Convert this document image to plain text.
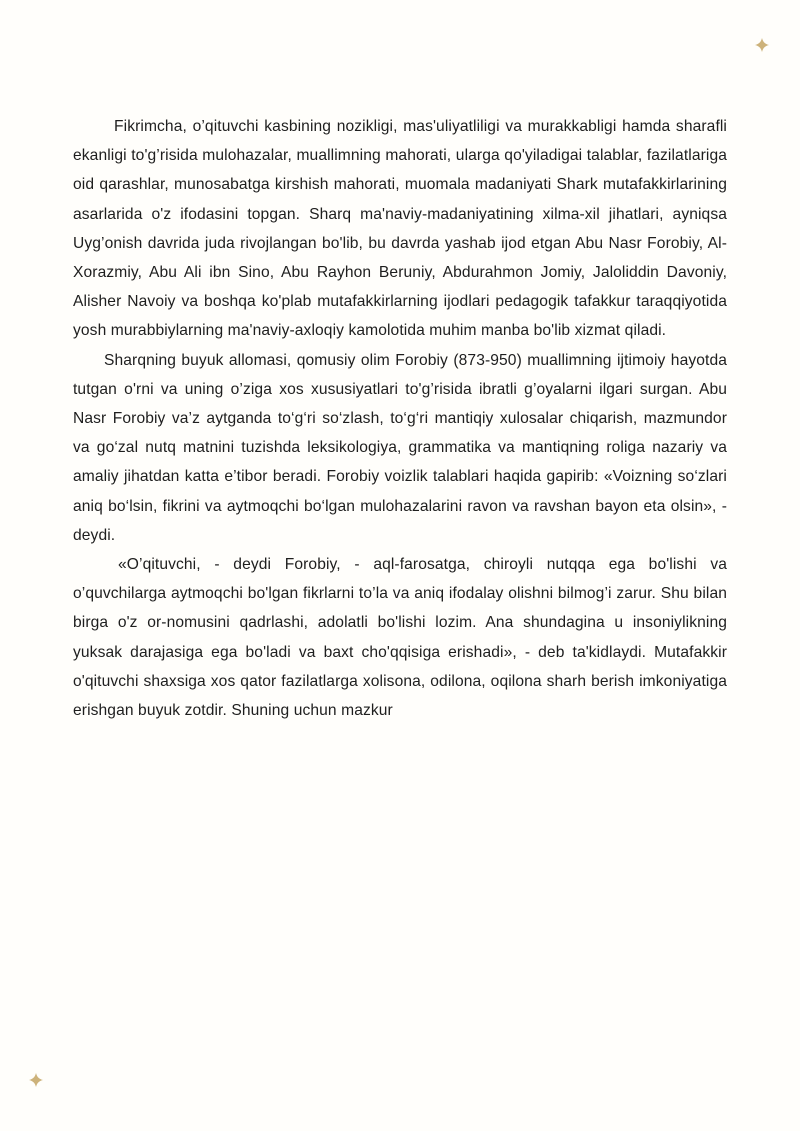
Fikrimcha, o’qituvchi kasbining nozikligi, mas'uliyatliligi va murakkabligi hamda sharafli ekanligi to'g’risida mulohazalar, muallimning mahorati, ularga qo'yiladigai talablar, fazilatlariga oid qarashlar, munosabatga kirshish mahorati, muomala madaniyati Shark mutafakkirlarining asarlarida o'z ifodasini topgan. Sharq ma'naviy-madaniyatining xilma-xil jihatlari, ayniqsa Uyg’onish davrida juda rivojlangan bo'lib, bu davrda yashab ijod etgan Abu Nasr Forobiy, Al-Xorazmiy, Abu Ali ibn Sino, Abu Rayhon Beruniy, Abdurahmon Jomiy, Jaloliddin Davoniy, Alisher Navoiy va boshqa ko'plab mutafakkirlarning ijodlari pedagogik tafakkur taraqqiyotida yosh murabbiylarning ma'naviy-axloqiy kamolotida muhim manba bo'lib xizmat qiladi.

Sharqning buyuk allomasi, qomusiy olim Forobiy (873-950) muallimning ijtimoiy hayotda tutgan o'rni va uning o’ziga xos xususiyatlari to'g’risida ibratli g’oyalarni ilgari surgan. Abu Nasr Forobiy va’z aytganda to‘g‘ri so‘zlash, to‘g‘ri mantiqiy xulosalar chiqarish, mazmundor va go‘zal nutq matnini tuzishda leksikologiya, grammatika va mantiqning roliga nazariy va amaliy jihatdan katta e’tibor beradi. Forobiy voizlik talablari haqida gapirib: «Voizning so‘zlari aniq bo‘lsin, fikrini va aytmoqchi bo‘lgan mulohazalarini ravon va ravshan bayon eta olsin», - deydi.

«O’qituvchi, - deydi Forobiy, - aql-farosatga, chiroyli nutqqa ega bo'lishi va o’quvchilarga aytmoqchi bo'lgan fikrlarni to’la va aniq ifodalay olishni bilmog’i zarur. Shu bilan birga o'z or-nomusini qadrlashi, adolatli bo'lishi lozim. Ana shundagina u insoniylikning yuksak darajasiga ega bo'ladi va baxt cho'qqisiga erishadi», - deb ta'kidlaydi. Mutafakkir o'qituvchi shaxsiga xos qator fazilatlarga xolisona, odilona, oqilona sharh berish imkoniyatiga erishgan buyuk zotdir. Shuning uchun mazkur
